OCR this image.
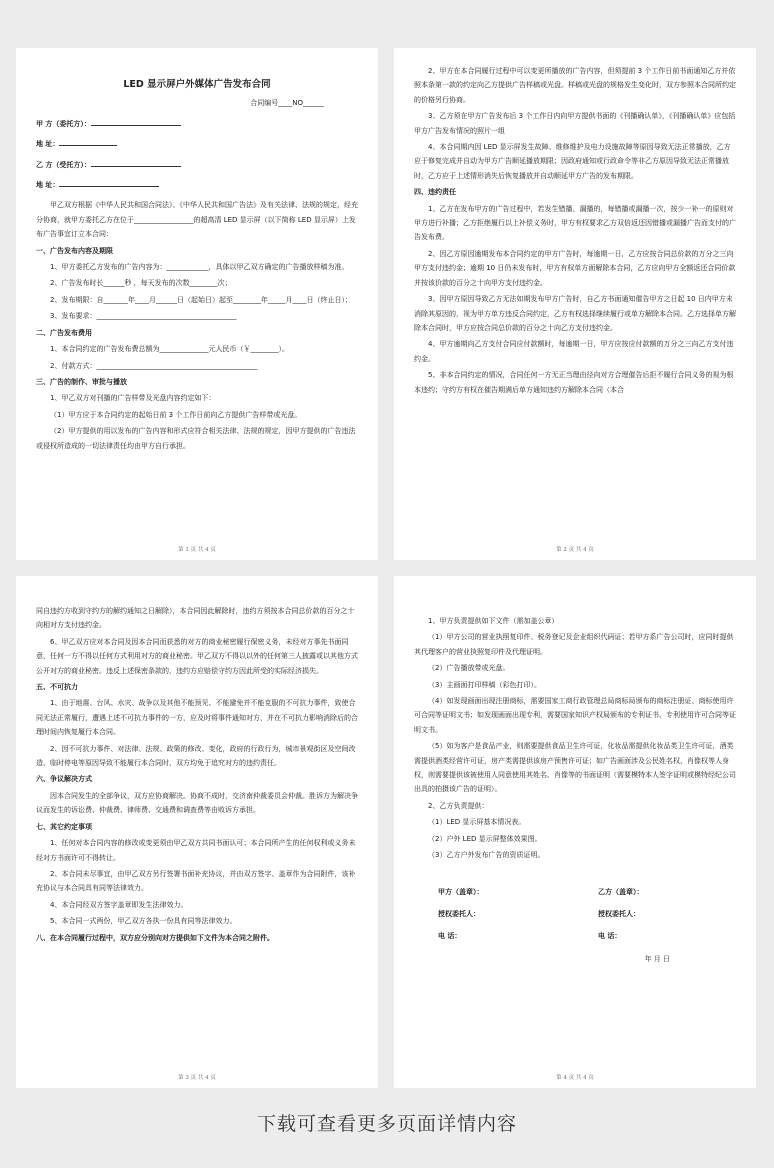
LED 显示屏户外媒体广告发布合同

合同编号____NO______

甲 方（委托方）：

地 址：

乙 方（受托方）：

地 址：

甲乙双方根据《中华人民共和国合同法》、《中华人民共和国广告法》及有关法律、法规的规定，经充分协商，就甲方委托乙方在位于_________________的超高清 LED 显示屏（以下简称 LED 显示屏）上发布广告事宜订立本合同：

一、广告发布内容及期限

1、甲方委托乙方发布的广告内容为：____________，具体以甲乙双方确定的广告播放样稿为准。

2、广告发布时长______秒 ，每天发布的次数________次；

2、发布期限：自_______年____月______日（起始日）起至________年_____月____日（终止日）；

3、发布要求：________________________________________

二、广告发布费用

1、本合同约定的广告发布费总额为______________元人民币（￥________）。

2、付款方式：______________________________________________

三、广告的制作、审批与播放

1、甲乙双方对刊播的广告样带及光盘内容约定如下：

（1）甲方应于本合同约定的起始日前 3 个工作日前向乙方提供广告样带或光盘。

（2）甲方提供的用以发布的广告内容和形式应符合相关法律、法规的规定，因甲方提供的广告违法或侵权所造成的一切法律责任均由甲方自行承担。

第 1 页 共 4 页

2、甲方在本合同履行过程中可以变更所播放的广告内容，但须提前 3 个工作日前书面通知乙方并依照本条第一款的约定向乙方提供广告样稿或光盘。样稿或光盘的规格发生变化时，双方参照本合同所约定的价格另行协商。

3、乙方须在甲方广告发布后 3 个工作日内向甲方提供书面的《刊播确认单》，《刊播确认单》应包括甲方广告发布情况的照片一组

4、本合同期内因 LED 显示屏发生故障、维修维护及电力设施故障等原因导致无法正常播放，乙方应于修复完成并自动为甲方广告顺延播放期限；因政府通知或行政命令等非乙方原因导致无法正常播放时，乙方应于上述情形消失后恢复播放并自动顺延甲方广告的发布期限。

四、违约责任

1、乙方在发布甲方的广告过程中，若发生错播、漏播的，每错播或漏播一次，按少一补一的原则对甲方进行补播；乙方拒绝履行以上补偿义务时，甲方有权要求乙方双倍返还因错播或漏播广告而支付的广告发布费。

2、因乙方原因逾期发布本合同约定的甲方广告时，每逾期一日，乙方应按合同总价款的万分之三向甲方支付违约金；逾期 10 日仍未发布时，甲方有权单方面解除本合同，乙方应向甲方全额返还合同价款并按该价款的百分之十向甲方支付违约金。

3、因甲方原因导致乙方无法如期发布甲方广告时，自乙方书面通知催告甲方之日起 10 日内甲方未消除其原因的，视为甲方单方违反合同约定，乙方有权选择继续履行或单方解除本合同。乙方选择单方解除本合同时，甲方应按合同总价款的百分之十向乙方支付违约金。

4、甲方逾期向乙方支付合同应付款额时，每逾期一日，甲方应按应付款额的万分之三向乙方支付违约金。

5、非本合同约定的情况，合同任何一方无正当理由径向对方合理催告后拒不履行合同义务的视为根本违约；守约方有权在催告期满后单方通知违约方解除本合同（本合

第 2 页 共 4 页

同自违约方收到守约方的解约通知之日解除），本合同因此解除时，违约方须按本合同总价款的百分之十向相对方支付违约金。

6、甲乙双方应对本合同及因本合同而获悉的对方的商业秘密履行保密义务，未经对方事先书面同意，任何一方不得以任何方式利用对方的商业秘密。甲乙双方不得以以外的任何第三人披露或以其他方式公开对方的商业秘密。违反上述保密条款的，违约方应赔偿守约方因此所受的实际经济损失。

五、不可抗力

1、由于地震、台风、水灾、战争以及其他不能预见、不能避免并不能克服的不可抗力事件，致使合同无法正常履行，遭遇上述不可抗力事件的一方，应及时将事件通知对方，并在不可抗力影响消除后的合理时间内恢复履行本合同。

2、因不可抗力事件、对法律、法规、政策的修改、变化，政府的行政行为，城市景观街区及空间改造、临时停电等原因导致不能履行本合同时，双方均免于追究对方的违约责任。

六、争议解决方式

因本合同发生的全部争议，双方应协商解决。协商不成时，交济南仲裁委员会仲裁。胜诉方为解决争议而发生的诉讼费、仲裁费、律师费、交通费和调查费等由败诉方承担。

七、其它约定事项

1、任何对本合同内容的修改或变更须由甲乙双方共同书面认可；本合同所产生的任何权利或义务未经对方书面许可不得转让。

2、本合同未尽事宜，由甲乙双方另行签署书面补充协议，并由双方签字、盖章作为合同附件，该补充协议与本合同具有同等法律效力。

4、本合同经双方签字盖章即发生法律效力。

5、本合同一式两份，甲乙双方各执一份具有同等法律效力。

八、在本合同履行过程中，双方应分别向对方提供如下文件为本合同之附件。

第 3 页 共 4 页

1、甲方负责提供如下文件（需加盖公章）

（1）甲方公司的营业执照复印件、税务登记及企业组织代码证；若甲方系广告公司时，应同时提供其代理客户的营业执照复印件及代理证明。

（2）广告播放带或光盘。

（3）主画面打印样稿（彩色打印）。

（4）如发现画面出现注册商标，需要国家工商行政管理总局商标局颁布的商标注册证、商标使用许可合同等证明文书；如发现画面出现专利，需要国家知识产权局颁布的专利证书、专利使用许可合同等证明文书。

（5）如为客户是食品产业，则需要提供食品卫生许可证，化妆品需提供化妆品类卫生许可证，酒类需提供酒类经营许可证，房产类需提供该房产预售许可证；如广告画面涉及公民姓名权、肖像权等人身权，则需要提供该被使用人同意使用其姓名、肖像等的书面证明（需要模特本人签字证明或模特经纪公司出具的拍摄该广告的证明）。

2、乙方负责提供：

（1）LED 显示屏基本情况表。

（2）户外 LED 显示屏整体效果图。

（3）乙方户外发布广告的资质证明。

甲方（盖章）：	乙方（盖章）：

授权委托人：	授权委托人：

电 话：	电 话：

年 月 日

第 4 页 共 4 页
下载可查看更多页面详情内容
